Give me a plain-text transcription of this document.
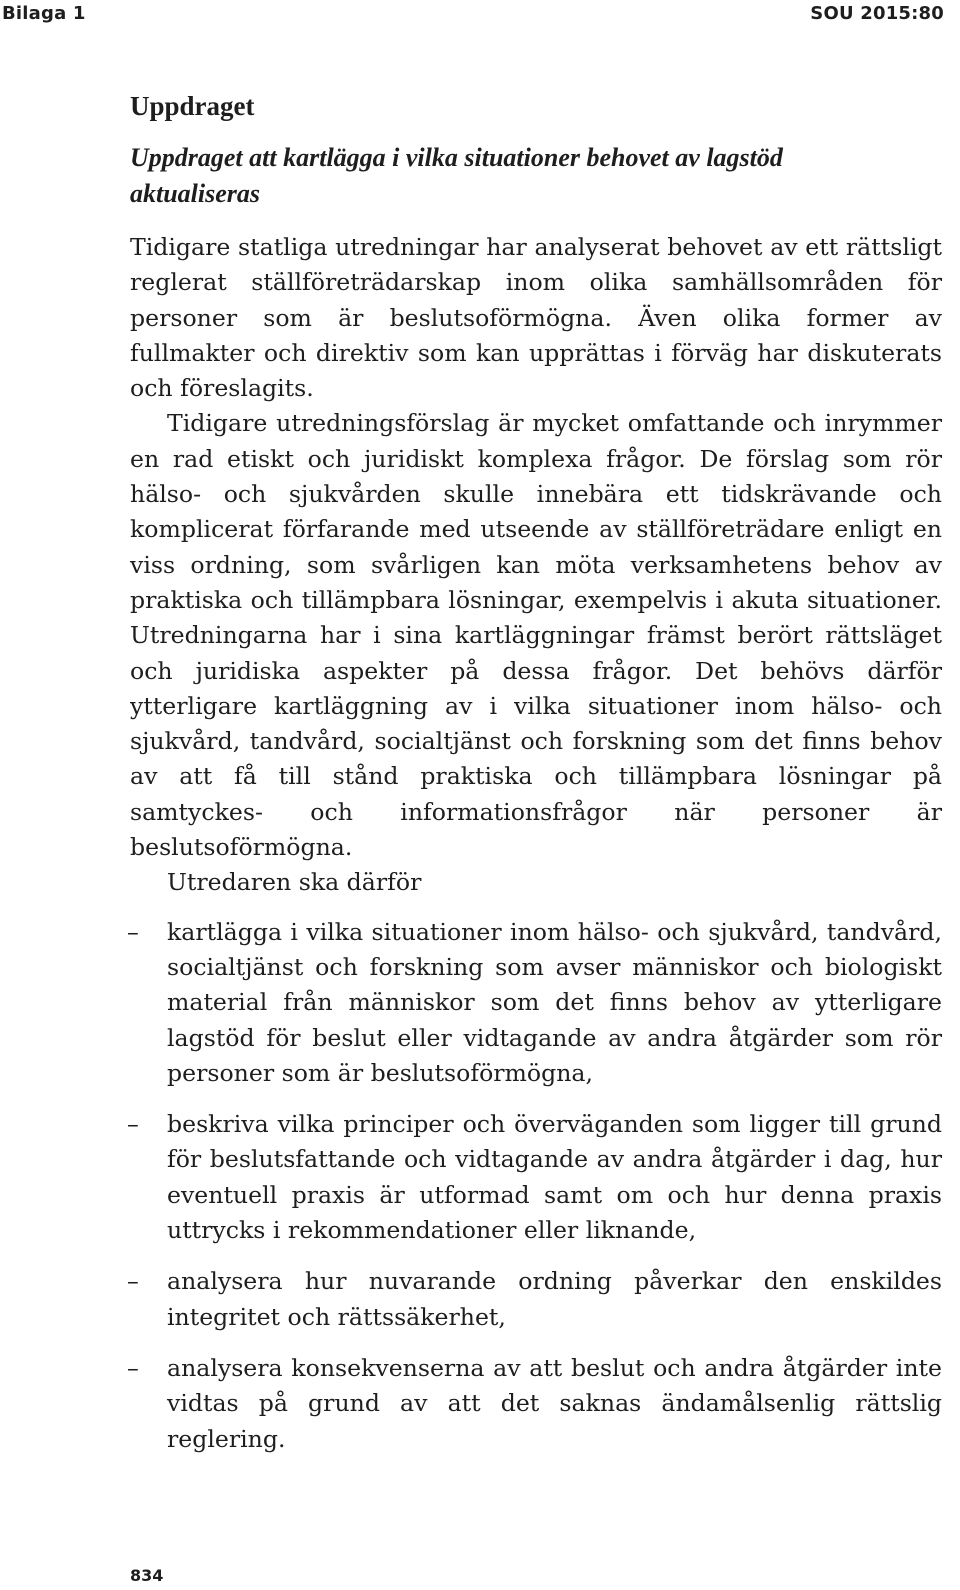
Bilaga 1	SOU 2015:80
Uppdraget
Uppdraget att kartlägga i vilka situationer behovet av lagstöd aktualiseras

Tidigare statliga utredningar har analyserat behovet av ett rättsligt reglerat ställföreträdarskap inom olika samhällsområden för personer som är beslutsoförmögna. Även olika former av fullmakter och direktiv som kan upprättas i förväg har diskuterats och föreslagits.

Tidigare utredningsförslag är mycket omfattande och inrymmer en rad etiskt och juridiskt komplexa frågor. De förslag som rör hälso- och sjukvården skulle innebära ett tidskrävande och komplicerat förfarande med utseende av ställföreträdare enligt en viss ordning, som svårligen kan möta verksamhetens behov av praktiska och tillämpbara lösningar, exempelvis i akuta situationer. Utredningarna har i sina kartläggningar främst berört rättsläget och juridiska aspekter på dessa frågor. Det behövs därför ytterligare kartläggning av i vilka situationer inom hälso- och sjukvård, tandvård, socialtjänst och forskning som det finns behov av att få till stånd praktiska och tillämpbara lösningar på samtyckes- och informationsfrågor när personer är beslutsoförmögna.

Utredaren ska därför

– kartlägga i vilka situationer inom hälso- och sjukvård, tandvård, socialtjänst och forskning som avser människor och biologiskt material från människor som det finns behov av ytterligare lagstöd för beslut eller vidtagande av andra åtgärder som rör personer som är beslutsoförmögna,
– beskriva vilka principer och överväganden som ligger till grund för beslutsfattande och vidtagande av andra åtgärder i dag, hur eventuell praxis är utformad samt om och hur denna praxis uttrycks i rekommendationer eller liknande,
– analysera hur nuvarande ordning påverkar den enskildes integritet och rättssäkerhet,
– analysera konsekvenserna av att beslut och andra åtgärder inte vidtas på grund av att det saknas ändamålsenlig rättslig reglering.
834
